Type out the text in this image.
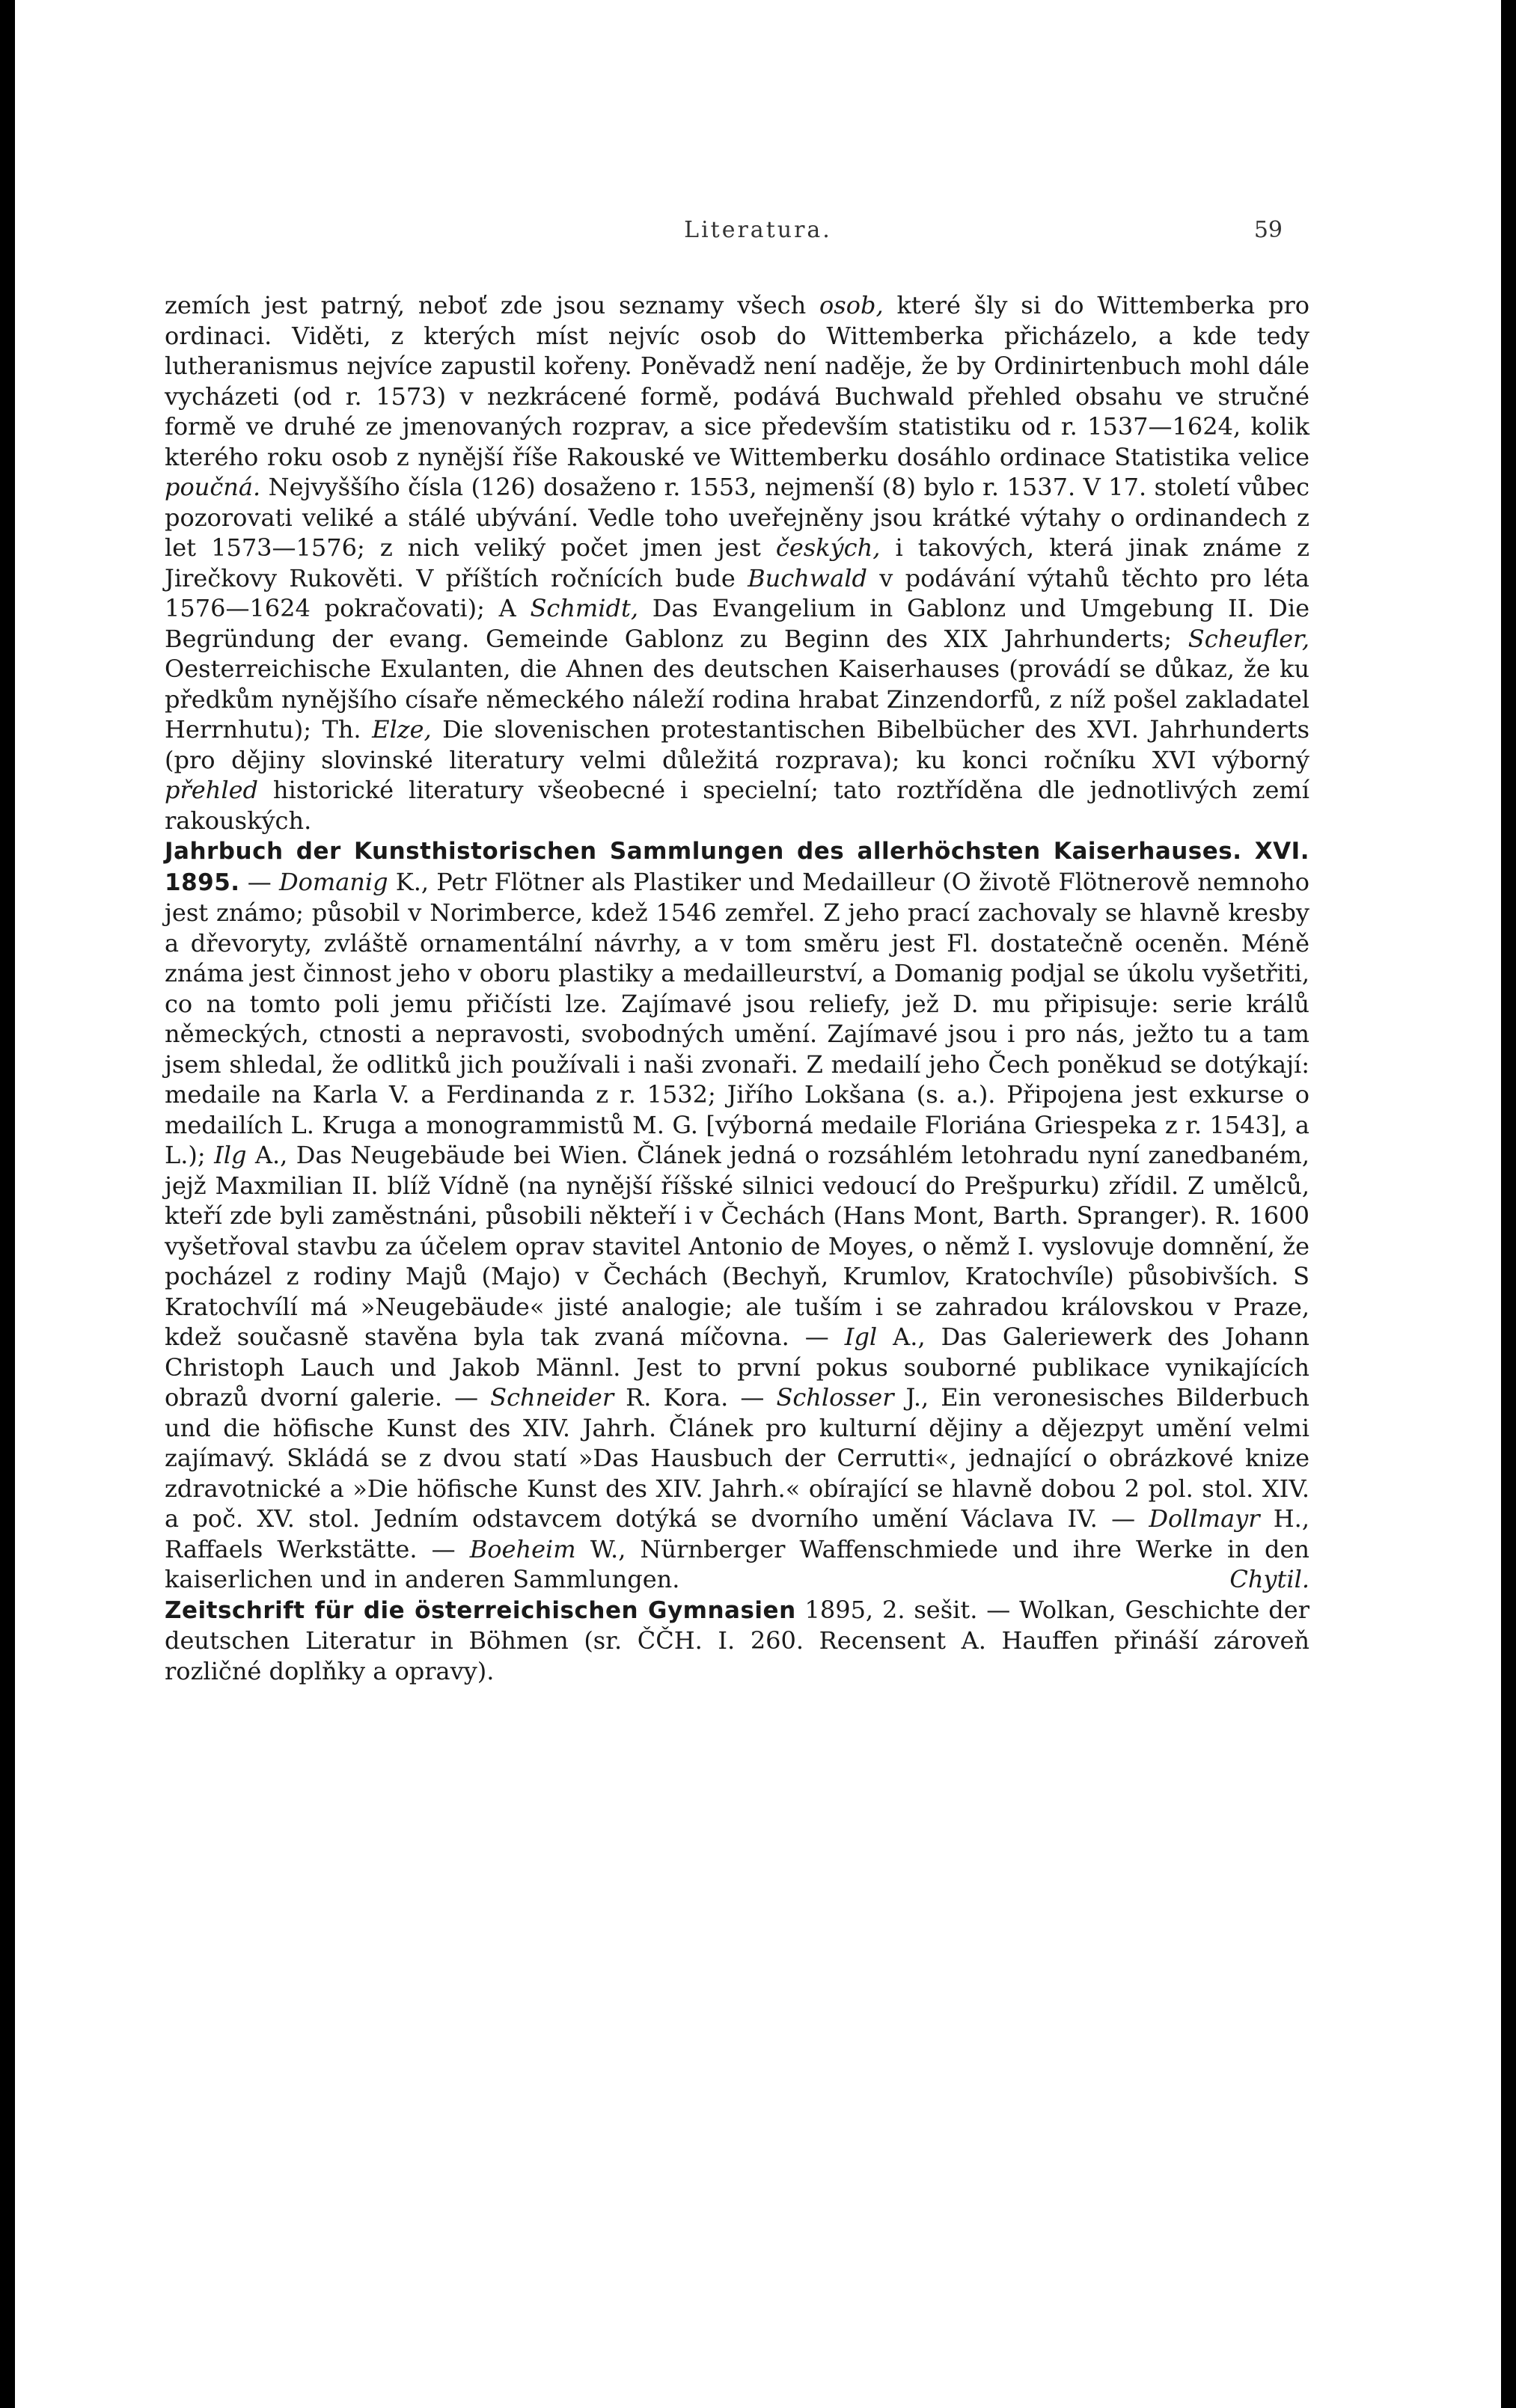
Literatura.	59

zemích jest patrný, neboť zde jsou seznamy všech osob, které šly si do Wittemberka pro ordinaci. Viděti, z kterých míst nejvíc osob do Wittemberka přicházelo, a kde tedy lutheranismus nejvíce zapustil kořeny. Poněvadž není naděje, že by Ordinirtenbuch mohl dále vycházeti (od r. 1573) v nezkrácené formě, podává Buchwald přehled obsahu ve stručné formě ve druhé ze jmenovaných rozprav, a sice především statistiku od r. 1537—1624, kolik kterého roku osob z nynější říše Rakouské ve Wittemberku dosáhlo ordinace Statistika velice poučná. Nejvyššího čísla (126) dosaženo r. 1553, nejmenší (8) bylo r. 1537. V 17. století vůbec pozorovati veliké a stálé ubývání. Vedle toho uveřejněny jsou krátké výtahy o ordinandech z let 1573—1576; z nich veliký počet jmen jest českých, i takových, která jinak známe z Jirečkovy Rukověti. V příštích ročnících bude Buchwald v podávání výtahů těchto pro léta 1576—1624 pokračovati); A Schmidt, Das Evangelium in Gablonz und Umgebung II. Die Begründung der evang. Gemeinde Gablonz zu Beginn des XIX Jahrhunderts; Scheufler, Oesterreichische Exulanten, die Ahnen des deutschen Kaiserhauses (provádí se důkaz, že ku předkům nynějšího císaře německého náleží rodina hrabat Zinzendorfů, z níž pošel zakladatel Herrnhutu); Th. Elze, Die slovenischen protestantischen Bibelbücher des XVI. Jahrhunderts (pro dějiny slovinské literatury velmi důležitá rozprava); ku konci ročníku XVI výborný přehled historické literatury všeobecné i specielní; tato roztříděna dle jednotlivých zemí rakouských.

Jahrbuch der Kunsthistorischen Sammlungen des allerhöchsten Kaiserhauses. XVI. 1895. — Domanig K., Petr Flötner als Plastiker und Medailleur (O životě Flötnerově nemnoho jest známo; působil v Norimberce, kdež 1546 zemřel. Z jeho prací zachovaly se hlavně kresby a dřevoryty, zvláště ornamentální návrhy, a v tom směru jest Fl. dostatečně oceněn. Méně známa jest činnost jeho v oboru plastiky a medailleurství, a Domanig podjal se úkolu vyšetřiti, co na tomto poli jemu přičísti lze. Zajímavé jsou reliefy, jež D. mu připisuje: serie králů německých, ctnosti a nepravosti, svobodných umění. Zajímavé jsou i pro nás, ježto tu a tam jsem shledal, že odlitků jich používali i naši zvonaři. Z medailí jeho Čech poněkud se dotýkají: medaile na Karla V. a Ferdinanda z r. 1532; Jiřího Lokšana (s. a.). Připojena jest exkurse o medailích L. Kruga a monogrammistů M. G. [výborná medaile Floriána Griespeka z r. 1543], a L.); Ilg A., Das Neugebäude bei Wien. Článek jedná o rozsáhlém letohradu nyní zanedbaném, jejž Maxmilian II. blíž Vídně (na nynější říšské silnici vedoucí do Prešpurku) zřídil. Z umělců, kteří zde byli zaměstnáni, působili někteří i v Čechách (Hans Mont, Barth. Spranger). R. 1600 vyšetřoval stavbu za účelem oprav stavitel Antonio de Moyes, o němž I. vyslovuje domnění, že pocházel z rodiny Majů (Majo) v Čechách (Bechyň, Krumlov, Kratochvíle) působivších. S Kratochvílí má »Neugebäude« jisté analogie; ale tuším i se zahradou královskou v Praze, kdež současně stavěna byla tak zvaná míčovna. — Igl A., Das Galeriewerk des Johann Christoph Lauch und Jakob Männl. Jest to první pokus souborné publikace vynikajících obrazů dvorní galerie. — Schneider R. Kora. — Schlosser J., Ein veronesisches Bilderbuch und die höfische Kunst des XIV. Jahrh. Článek pro kulturní dějiny a dějezpyt umění velmi zajímavý. Skládá se z dvou statí »Das Hausbuch der Cerrutti«, jednající o obrázkové knize zdravotnické a »Die höfische Kunst des XIV. Jahrh.« obírající se hlavně dobou 2 pol. stol. XIV. a poč. XV. stol. Jedním odstavcem dotýká se dvorního umění Václava IV. — Dollmayr H., Raffaels Werkstätte. — Boeheim W., Nürnberger Waffenschmiede und ihre Werke in den kaiserlichen und in anderen Sammlungen.	Chytil.

Zeitschrift für die österreichischen Gymnasien 1895, 2. sešit. — Wolkan, Geschichte der deutschen Literatur in Böhmen (sr. ČČH. I. 260. Recensent A. Hauffen přináší zároveň rozličné doplňky a opravy).
